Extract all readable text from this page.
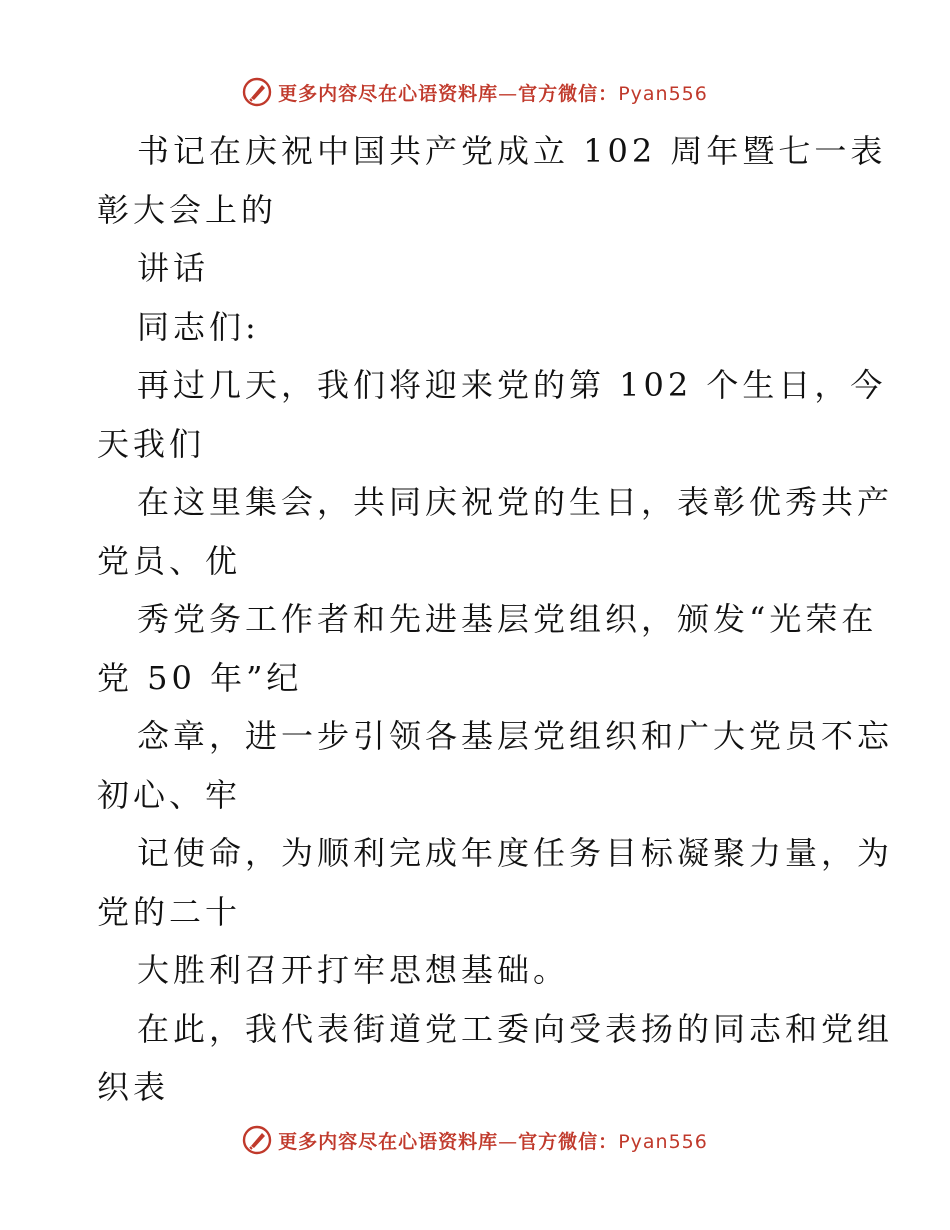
更多内容尽在心语资料库—官方微信：Pyan556
书记在庆祝中国共产党成立 102 周年暨七一表
彰大会上的
讲话
同志们:
再过几天，我们将迎来党的第 102 个生日，今
天我们
在这里集会，共同庆祝党的生日，表彰优秀共产
党员、优
秀党务工作者和先进基层党组织，颁发“光荣在
党 50 年”纪
念章，进一步引领各基层党组织和广大党员不忘
初心、牢
记使命，为顺利完成年度任务目标凝聚力量，为
党的二十
大胜利召开打牢思想基础。
在此，我代表街道党工委向受表扬的同志和党组
织表
更多内容尽在心语资料库—官方微信：Pyan556
